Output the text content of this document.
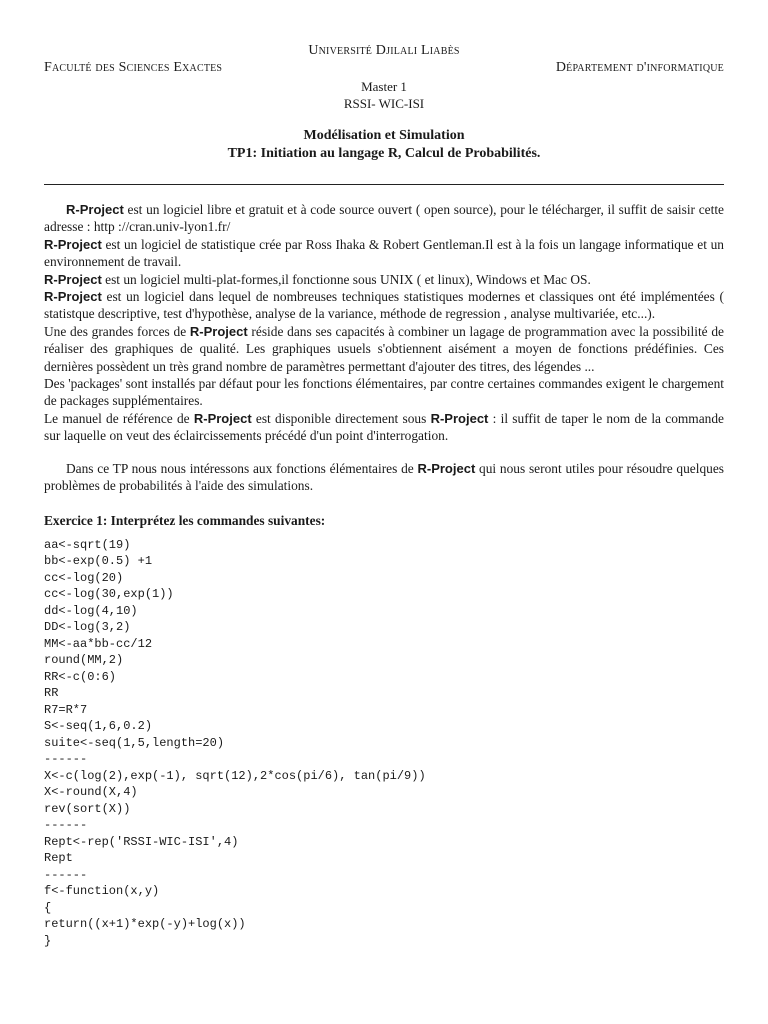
Université Djilali Liabès
Faculté des Sciences Exactes	Département d'informatique
Master 1
RSSI- WIC-ISI
Modélisation et Simulation
TP1: Initiation au langage R, Calcul de Probabilités.

R-Project est un logiciel libre et gratuit et à code source ouvert ( open source), pour le télécharger, il suffit de saisir cette adresse : http ://cran.univ-lyon1.fr/

R-Project est un logiciel de statistique crée par Ross Ihaka & Robert Gentleman.Il est à la fois un langage informatique et un environnement de travail.

R-Project est un logiciel multi-plat-formes,il fonctionne sous UNIX ( et linux), Windows et Mac OS.

R-Project est un logiciel dans lequel de nombreuses techniques statistiques modernes et classiques ont été implémentées ( statistque descriptive, test d'hypothèse, analyse de la variance, méthode de regression , analyse multivariée, etc...).

Une des grandes forces de R-Project réside dans ses capacités à combiner un lagage de programmation avec la possibilité de réaliser des graphiques de qualité. Les graphiques usuels s'obtiennent aisément a moyen de fonctions prédéfinies. Ces dernières possèdent un très grand nombre de paramètres permettant d'ajouter des titres, des légendes ...

Des 'packages' sont installés par défaut pour les fonctions élémentaires, par contre certaines commandes exigent le chargement de packages supplémentaires.

Le manuel de référence de R-Project est disponible directement sous R-Project : il suffit de taper le nom de la commande sur laquelle on veut des éclaircissements précédé d'un point d'interrogation.

Dans ce TP nous nous intéressons aux fonctions élémentaires de R-Project qui nous seront utiles pour résoudre quelques problèmes de probabilités à l'aide des simulations.

Exercice 1: Interprétez les commandes suivantes:
aa<-sqrt(19)
bb<-exp(0.5) +1
cc<-log(20)
cc<-log(30,exp(1))
dd<-log(4,10)
DD<-log(3,2)
MM<-aa*bb-cc/12
round(MM,2)
RR<-c(0:6)
RR
R7=R*7
S<-seq(1,6,0.2)
suite<-seq(1,5,length=20)
------
X<-c(log(2),exp(-1), sqrt(12),2*cos(pi/6), tan(pi/9))
X<-round(X,4)
rev(sort(X))
------
Rept<-rep('RSSI-WIC-ISI',4)
Rept
------
f<-function(x,y)
{
return((x+1)*exp(-y)+log(x))
}
